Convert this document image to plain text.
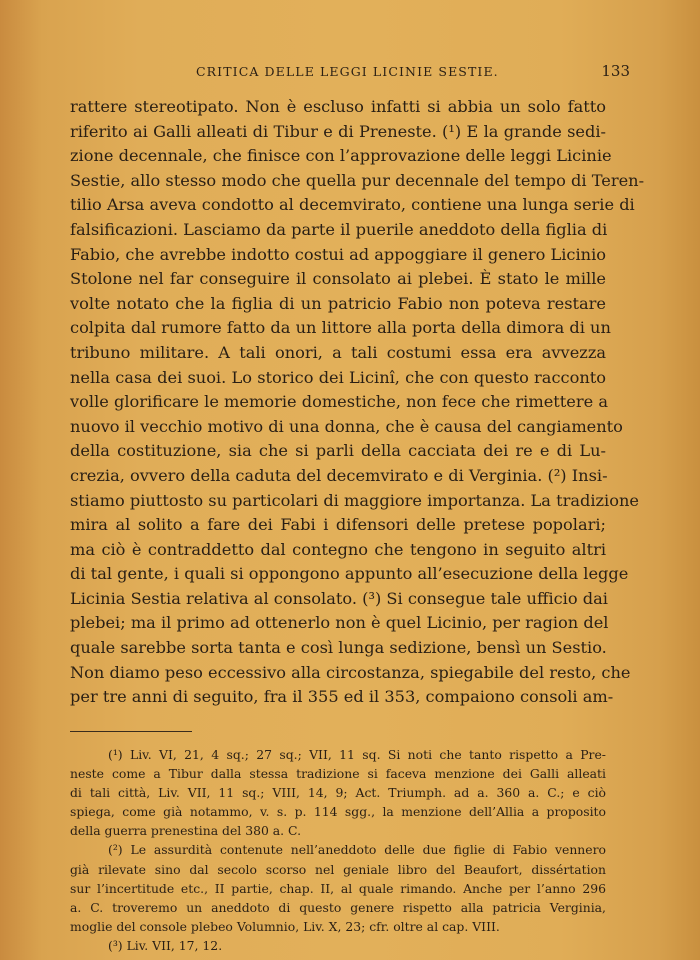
CRITICA DELLE LEGGI LICINIE SESTIE.	133
rattere stereotipato. Non è escluso infatti si abbia un solo fatto
riferito ai Galli alleati di Tibur e di Preneste. (¹) E la grande sedi-
zione decennale, che finisce con l’approvazione delle leggi Licinie
Sestie, allo stesso modo che quella pur decennale del tempo di Teren-
tilio Arsa aveva condotto al decemvirato, contiene una lunga serie di
falsificazioni. Lasciamo da parte il puerile aneddoto della figlia di
Fabio, che avrebbe indotto costui ad appoggiare il genero Licinio
Stolone nel far conseguire il consolato ai plebei. È stato le mille
volte notato che la figlia di un patricio Fabio non poteva restare
colpita dal rumore fatto da un littore alla porta della dimora di un
tribuno militare. A tali onori, a tali costumi essa era avvezza
nella casa dei suoi. Lo storico dei Licinî, che con questo racconto
volle glorificare le memorie domestiche, non fece che rimettere a
nuovo il vecchio motivo di una donna, che è causa del cangiamento
della costituzione, sia che si parli della cacciata dei re e di Lu-
crezia, ovvero della caduta del decemvirato e di Verginia. (²) Insi-
stiamo piuttosto su particolari di maggiore importanza. La tradizione
mira al solito a fare dei Fabi i difensori delle pretese popolari;
ma ciò è contraddetto dal contegno che tengono in seguito altri
di tal gente, i quali si oppongono appunto all’esecuzione della legge
Licinia Sestia relativa al consolato. (³) Si consegue tale ufficio dai
plebei; ma il primo ad ottenerlo non è quel Licinio, per ragion del
quale sarebbe sorta tanta e così lunga sedizione, bensì un Sestio.
Non diamo peso eccessivo alla circostanza, spiegabile del resto, che
per tre anni di seguito, fra il 355 ed il 353, compaiono consoli am-
(¹) Liv. VI, 21, 4 sq.; 27 sq.; VII, 11 sq. Si noti che tanto rispetto a Pre-
neste come a Tibur dalla stessa tradizione si faceva menzione dei Galli alleati
di tali città, Liv. VII, 11 sq.; VIII, 14, 9; Act. Triumph. ad a. 360 a. C.; e ciò
spiega, come già notammo, v. s. p. 114 sgg., la menzione dell’Allia a proposito
della guerra prenestina del 380 a. C.
(²) Le assurdità contenute nell’aneddoto delle due figlie di Fabio vennero
già rilevate sino dal secolo scorso nel geniale libro del Beaufort, dissértation
sur l’incertitude etc., II partie, chap. II, al quale rimando. Anche per l’anno 296
a. C. troveremo un aneddoto di questo genere rispetto alla patricia Verginia,
moglie del console plebeo Volumnio, Liv. X, 23; cfr. oltre al cap. VIII.
(³) Liv. VII, 17, 12.
